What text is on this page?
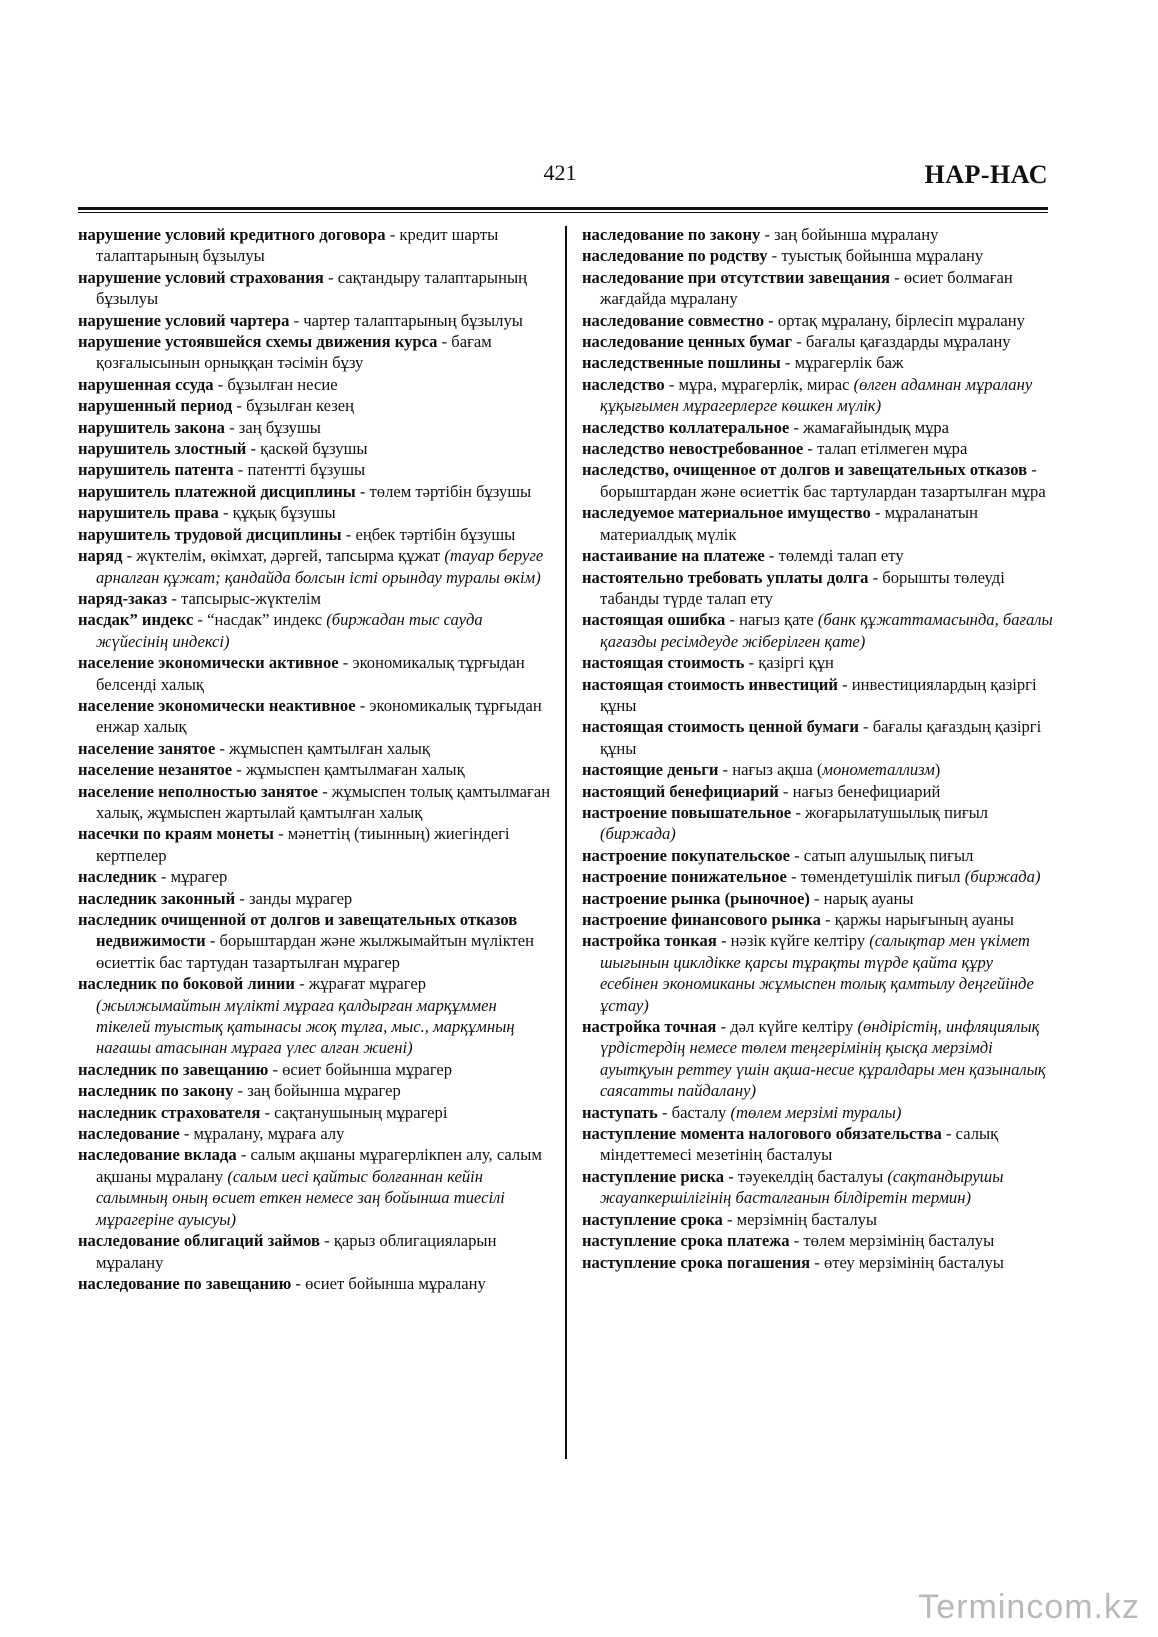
421	НАР-НАС

нарушение условий кредитного договора - кредит шарты талаптарының бұзылуы

нарушение условий страхования - сақтандыру талаптарының бұзылуы

нарушение условий чартера - чартер талаптарының бұзылуы

нарушение устоявшейся схемы движения курса - бағам қозғалысынын орныққан тәсімін бұзу

нарушенная ссуда - бұзылған несие

нарушенный период - бұзылған кезең

нарушитель закона - заң бұзушы

нарушитель злостный - қаскөй бұзушы

нарушитель патента - патентті бұзушы

нарушитель платежной дисциплины - төлем тәртібін бұзушы

нарушитель права - құқық бұзушы

нарушитель трудовой дисциплины - еңбек тәртібін бұзушы

наряд - жүктелім, өкімхат, дәргей, тапсырма құжат (тауар беруге арналған құжат; қандайда болсын істі орындау туралы өкім)

наряд-заказ - тапсырыс-жүктелім

насдак” индекс - “насдак” индекс (биржадан тыс сауда жүйесінің индексі)

население экономически активное - экономикалық тұрғыдан белсенді халық

население экономически неактивное - экономикалық тұрғыдан енжар халық

население занятое - жұмыспен қамтылған халық

население незанятое - жұмыспен қамтылмаған халық

население неполностью занятое - жұмыспен толық қамтылмаған халық, жұмыспен жартылай қамтылған халық

насечки по краям монеты - мәнеттің (тиынның) жиегіндегі кертпелер

наследник - мұрагер

наследник законный - занды мұрагер

наследник очищенной от долгов и завещательных отказов недвижимости - борыштардан және жылжымайтын мүліктен өсиеттік бас тартудан тазартылған мұрагер

наследник по боковой линии - жұрағат мұрагер (жылжымайтын мүлікті мұраға қалдырған марқұммен тікелей туыстық қатынасы жоқ тұлға, мыс., марқұмның нағашы атасынан мұраға үлес алған жиені)

наследник по завещанию - өсиет бойынша мұрагер

наследник по закону - заң бойынша мұрагер

наследник страхователя - сақтанушының мұрагері

наследование - мұралану, мұраға алу

наследование вклада - салым ақшаны мұрагерлікпен алу, салым ақшаны мұралану (салым иесі қайтыс болғаннан кейін салымның оның өсиет еткен немесе заң бойынша тиесілі мұрагеріне ауысуы)

наследование облигаций займов - қарыз облигацияларын мұралану

наследование по завещанию - өсиет бойынша мұралану

наследование по закону - заң бойынша мұралану

наследование по родству - туыстық бойынша мұралану

наследование при отсутствии завещания - өсиет болмаған жағдайда мұралану

наследование совместно - ортақ мұралану, бірлесіп мұралану

наследование ценных бумаг - бағалы қағаздарды мұралану

наследственные пошлины - мұрагерлік баж

наследство - мұра, мұрагерлік, мирас (өлген адамнан мұралану құқығымен мұрагерлерге көшкен мүлік)

наследство коллатеральное - жамағайындық мұра

наследство невостребованное - талап етілмеген мұра

наследство, очищенное от долгов и завещательных отказов - борыштардан және өсиеттік бас тартулардан тазартылған мұра

наследуемое материальное имущество - мұраланатын материалдық мүлік

настаивание на платеже - төлемді талап ету

настоятельно требовать уплаты долга - борышты төлеуді табанды түрде талап ету

настоящая ошибка - нағыз қате (банк құжаттамасында, бағалы қағазды ресімдеуде жіберілген қате)

настоящая стоимость - қазіргі құн

настоящая стоимость инвестиций - инвестициялардың қазіргі құны

настоящая стоимость ценной бумаги - бағалы қағаздың қазіргі құны

настоящие деньги - нағыз ақша (монометаллизм)

настоящий бенефициарий - нағыз бенефициарий

настроение повышательное - жоғарылатушылық пиғыл (биржада)

настроение покупательское - сатып алушылық пиғыл

настроение понижательное - төмендетушілік пиғыл (биржада)

настроение рынка (рыночное) - нарық ауаны

настроение финансового рынка - қаржы нарығының ауаны

настройка тонкая - нәзік күйге келтіру (салықтар мен үкімет шығынын циклдікке қарсы тұрақты түрде қайта құру есебінен экономиканы жұмыспен толық қамтылу деңгейінде ұстау)

настройка точная - дәл күйге келтіру (өндірістің, инфляциялық үрдістердің немесе төлем теңгерімінің қысқа мерзімді ауытқуын реттеу үшін ақша-несие құралдары мен қазыналық саясатты пайдалану)

наступать - басталу (төлем мерзімі туралы)

наступление момента налогового обязательства - салық міндеттемесі мезетінің басталуы

наступление риска - тәуекелдің басталуы (сақтандырушы жауапкершілігінің басталғанын білдіретін термин)

наступление срока - мерзімнің басталуы

наступление срока платежа - төлем мерзімінің басталуы

наступление срока погашения - өтеу мерзімінің басталуы

Termincom.kz
